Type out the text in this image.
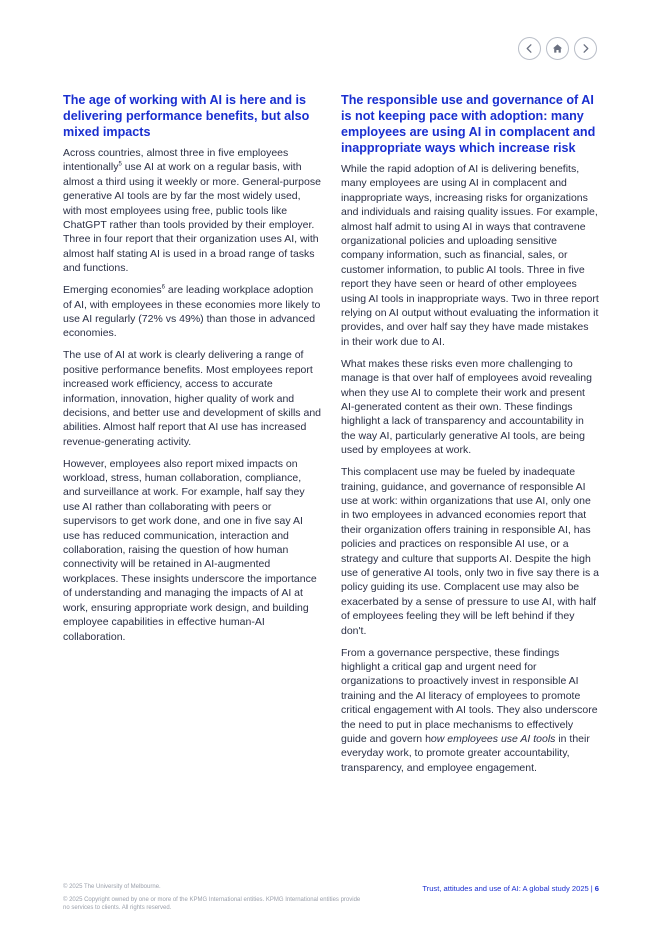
The age of working with AI is here and is delivering performance benefits, but also mixed impacts

Across countries, almost three in five employees intentionally$^5$ use AI at work on a regular basis, with almost a third using it weekly or more. General-purpose generative AI tools are by far the most widely used, with most employees using free, public tools like ChatGPT rather than tools provided by their employer. Three in four report that their organization uses AI, with almost half stating AI is used in a broad range of tasks and functions.

Emerging economies$^6$ are leading workplace adoption of AI, with employees in these economies more likely to use AI regularly (72% vs 49%) than those in advanced economies.

The use of AI at work is clearly delivering a range of positive performance benefits. Most employees report increased work efficiency, access to accurate information, innovation, higher quality of work and decisions, and better use and development of skills and abilities. Almost half report that AI use has increased revenue-generating activity.

However, employees also report mixed impacts on workload, stress, human collaboration, compliance, and surveillance at work. For example, half say they use AI rather than collaborating with peers or supervisors to get work done, and one in five say AI use has reduced communication, interaction and collaboration, raising the question of how human connectivity will be retained in AI-augmented workplaces. These insights underscore the importance of understanding and managing the impacts of AI at work, ensuring appropriate work design, and building employee capabilities in effective human-AI collaboration.

The responsible use and governance of AI is not keeping pace with adoption: many employees are using AI in complacent and inappropriate ways which increase risk

While the rapid adoption of AI is delivering benefits, many employees are using AI in complacent and inappropriate ways, increasing risks for organizations and individuals and raising quality issues. For example, almost half admit to using AI in ways that contravene organizational policies and uploading sensitive company information, such as financial, sales, or customer information, to public AI tools. Three in five report they have seen or heard of other employees using AI tools in inappropriate ways. Two in three report relying on AI output without evaluating the information it provides, and over half say they have made mistakes in their work due to AI.

What makes these risks even more challenging to manage is that over half of employees avoid revealing when they use AI to complete their work and present AI-generated content as their own. These findings highlight a lack of transparency and accountability in the way AI, particularly generative AI tools, are being used by employees at work.

This complacent use may be fueled by inadequate training, guidance, and governance of responsible AI use at work: within organizations that use AI, only one in two employees in advanced economies report that their organization offers training in responsible AI, has policies and practices on responsible AI use, or a strategy and culture that supports AI. Despite the high use of generative AI tools, only two in five say there is a policy guiding its use. Complacent use may also be exacerbated by a sense of pressure to use AI, with half of employees feeling they will be left behind if they don't.

From a governance perspective, these findings highlight a critical gap and urgent need for organizations to proactively invest in responsible AI training and the AI literacy of employees to promote critical engagement with AI tools. They also underscore the need to put in place mechanisms to effectively guide and govern how employees use AI tools in their everyday work, to promote greater accountability, transparency, and employee engagement.

© 2025 The University of Melbourne.
© 2025 Copyright owned by one or more of the KPMG International entities. KPMG International entities provide no services to clients. All rights reserved.
Trust, attitudes and use of AI: A global study 2025 | 6
